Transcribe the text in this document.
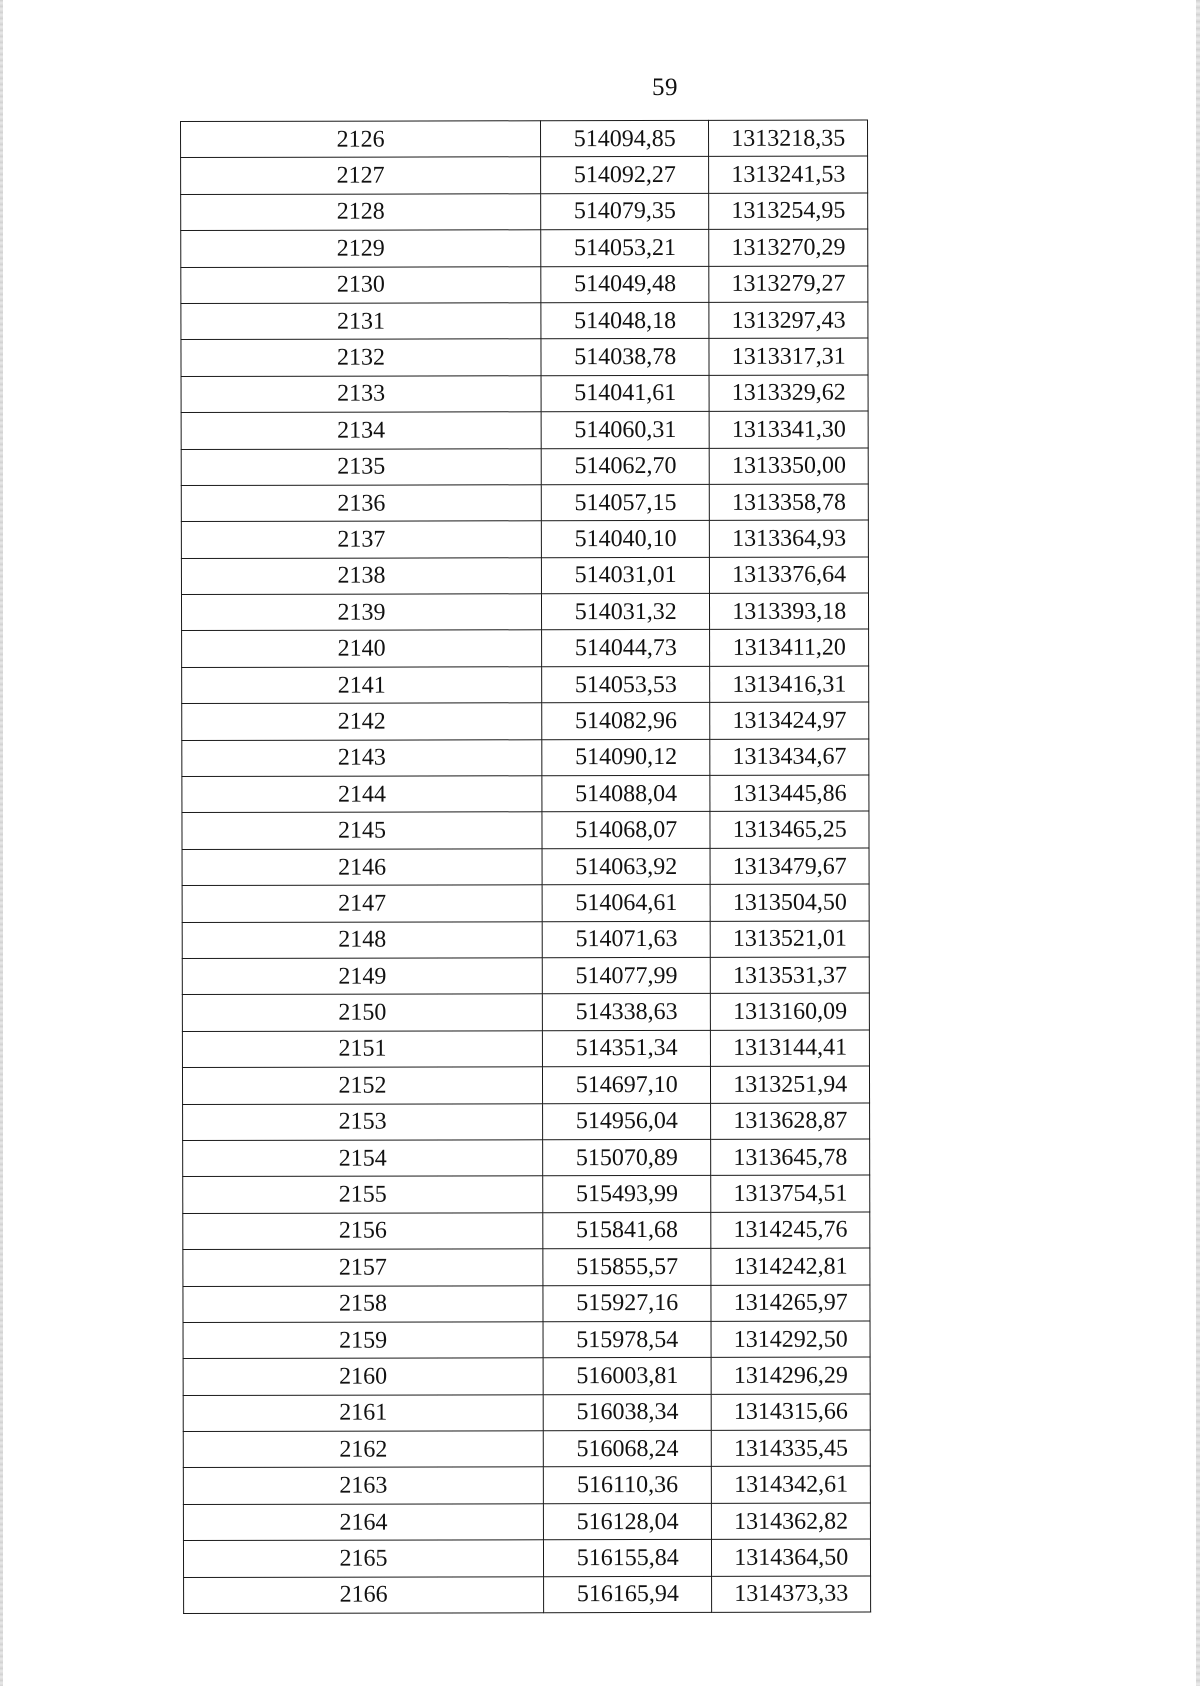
59
2126	514094,85	1313218,35
2127	514092,27	1313241,53
2128	514079,35	1313254,95
2129	514053,21	1313270,29
2130	514049,48	1313279,27
2131	514048,18	1313297,43
2132	514038,78	1313317,31
2133	514041,61	1313329,62
2134	514060,31	1313341,30
2135	514062,70	1313350,00
2136	514057,15	1313358,78
2137	514040,10	1313364,93
2138	514031,01	1313376,64
2139	514031,32	1313393,18
2140	514044,73	1313411,20
2141	514053,53	1313416,31
2142	514082,96	1313424,97
2143	514090,12	1313434,67
2144	514088,04	1313445,86
2145	514068,07	1313465,25
2146	514063,92	1313479,67
2147	514064,61	1313504,50
2148	514071,63	1313521,01
2149	514077,99	1313531,37
2150	514338,63	1313160,09
2151	514351,34	1313144,41
2152	514697,10	1313251,94
2153	514956,04	1313628,87
2154	515070,89	1313645,78
2155	515493,99	1313754,51
2156	515841,68	1314245,76
2157	515855,57	1314242,81
2158	515927,16	1314265,97
2159	515978,54	1314292,50
2160	516003,81	1314296,29
2161	516038,34	1314315,66
2162	516068,24	1314335,45
2163	516110,36	1314342,61
2164	516128,04	1314362,82
2165	516155,84	1314364,50
2166	516165,94	1314373,33
